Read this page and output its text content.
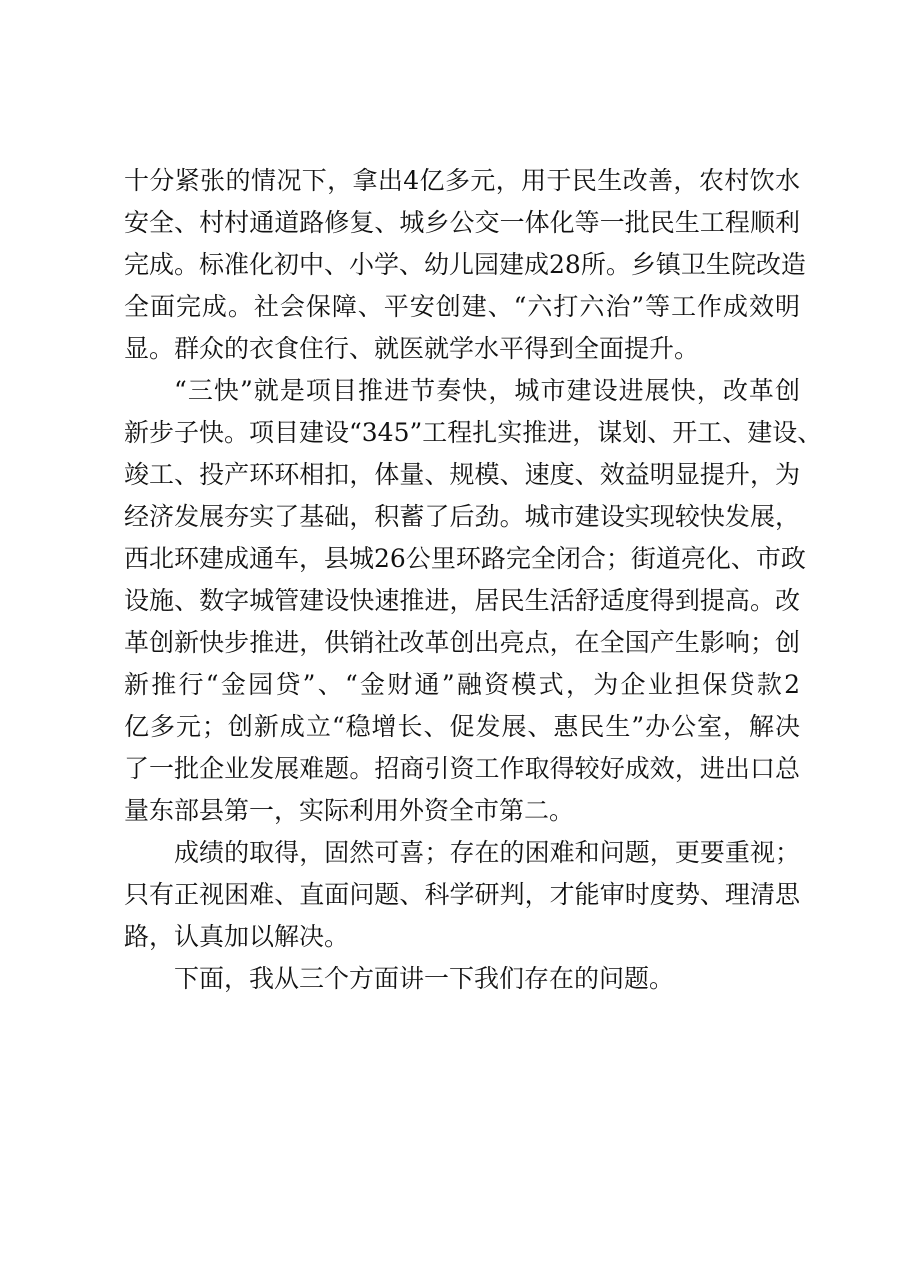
十分紧张的情况下，拿出4亿多元，用于民生改善，农村饮水
安全、村村通道路修复、城乡公交一体化等一批民生工程顺利
完成。标准化初中、小学、幼儿园建成28所。乡镇卫生院改造
全面完成。社会保障、平安创建、“六打六治”等工作成效明
显。群众的衣食住行、就医就学水平得到全面提升。
“三快”就是项目推进节奏快，城市建设进展快，改革创
新步子快。项目建设“345”工程扎实推进，谋划、开工、建设、
竣工、投产环环相扣，体量、规模、速度、效益明显提升，为
经济发展夯实了基础，积蓄了后劲。城市建设实现较快发展，
西北环建成通车，县城26公里环路完全闭合；街道亮化、市政
设施、数字城管建设快速推进，居民生活舒适度得到提高。改
革创新快步推进，供销社改革创出亮点，在全国产生影响；创
新推行“金园贷”、“金财通”融资模式，为企业担保贷款2
亿多元；创新成立“稳增长、促发展、惠民生”办公室，解决
了一批企业发展难题。招商引资工作取得较好成效，进出口总
量东部县第一，实际利用外资全市第二。
成绩的取得，固然可喜；存在的困难和问题，更要重视；
只有正视困难、直面问题、科学研判，才能审时度势、理清思
路，认真加以解决。
下面，我从三个方面讲一下我们存在的问题。
